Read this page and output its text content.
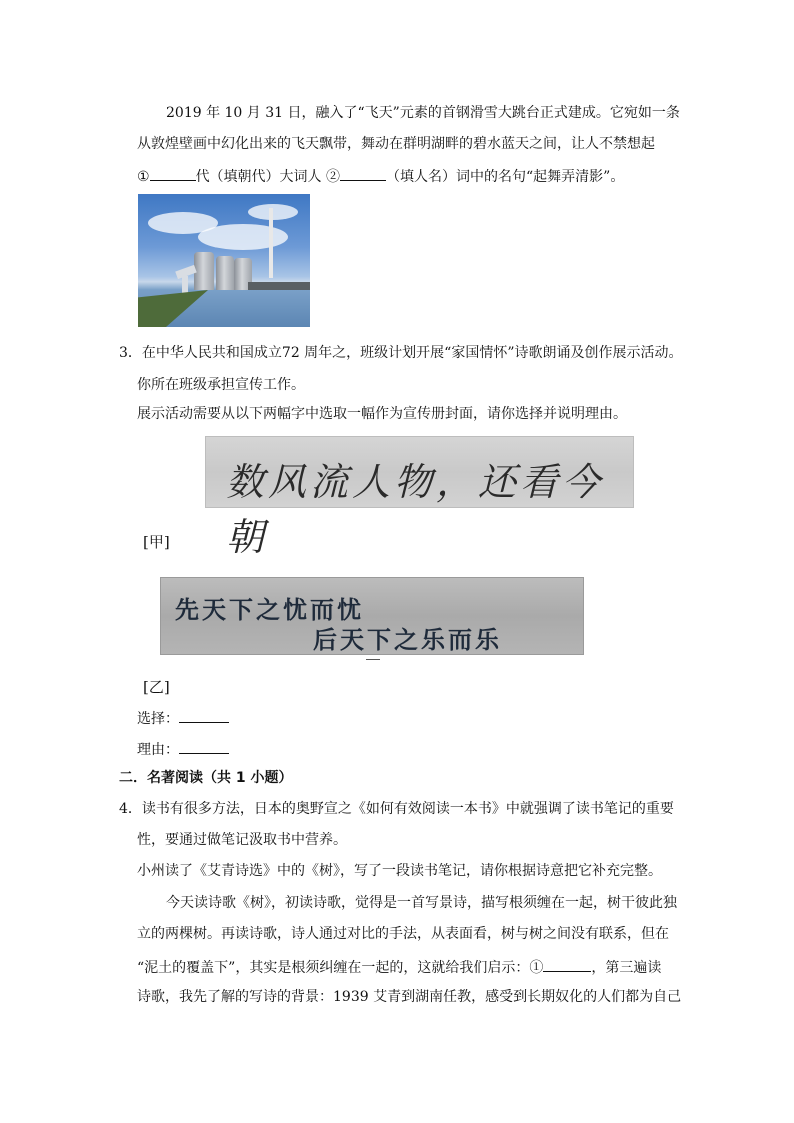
2019 年 10 月 31 日，融入了“飞天”元素的首钢滑雪大跳台正式建成。它宛如一条
从敦煌壁画中幻化出来的飞天飘带，舞动在群明湖畔的碧水蓝天之间，让人不禁想起
①	代（填朝代）大词人 ②	（填人名）词中的名句“起舞弄清影”。
3．在中华人民共和国成立72 周年之，班级计划开展“家国情怀”诗歌朗诵及创作展示活动。
你所在班级承担宣传工作。
展示活动需要从以下两幅字中选取一幅作为宣传册封面，请你选择并说明理由。
数风流人物，还看今朝
[甲]
先天下之忧而忧
后天下之乐而乐
[乙]
选择：
理由：
二．名著阅读（共 1 小题）
4．读书有很多方法，日本的奥野宣之《如何有效阅读一本书》中就强调了读书笔记的重要
性，要通过做笔记汲取书中营养。
小州读了《艾青诗选》中的《树》，写了一段读书笔记，请你根据诗意把它补充完整。
今天读诗歌《树》，初读诗歌，觉得是一首写景诗，描写根须缠在一起，树干彼此独
立的两棵树。再读诗歌，诗人通过对比的手法，从表面看，树与树之间没有联系，但在
“泥土的覆盖下”，其实是根须纠缠在一起的，这就给我们启示：①	，第三遍读
诗歌，我先了解的写诗的背景：1939 艾青到湖南任教，感受到长期奴化的人们都为自己
